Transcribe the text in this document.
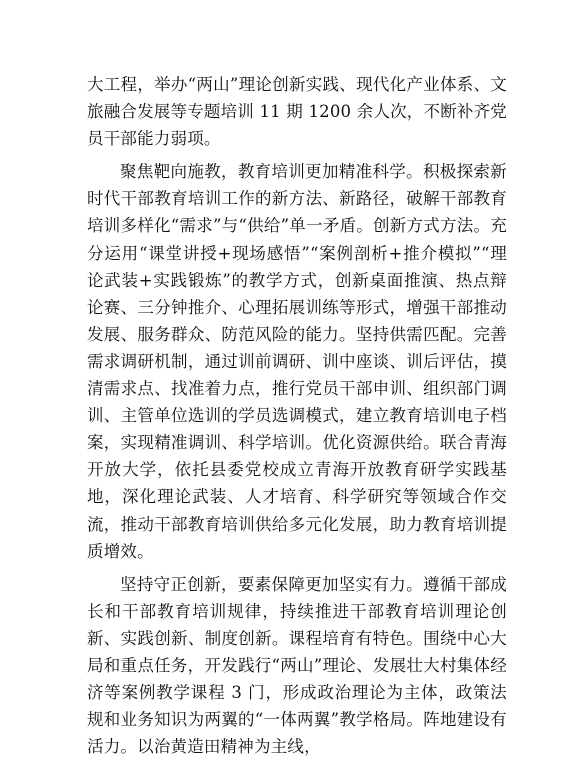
大工程，举办“两山”理论创新实践、现代化产业体系、文旅融合发展等专题培训 11 期 1200 余人次，不断补齐党员干部能力弱项。

聚焦靶向施教，教育培训更加精准科学。积极探索新时代干部教育培训工作的新方法、新路径，破解干部教育培训多样化“需求”与“供给”单一矛盾。创新方式方法。充分运用“课堂讲授+现场感悟”“案例剖析+推介模拟”“理论武装+实践锻炼”的教学方式，创新桌面推演、热点辩论赛、三分钟推介、心理拓展训练等形式，增强干部推动发展、服务群众、防范风险的能力。坚持供需匹配。完善需求调研机制，通过训前调研、训中座谈、训后评估，摸清需求点、找准着力点，推行党员干部申训、组织部门调训、主管单位选训的学员选调模式，建立教育培训电子档案，实现精准调训、科学培训。优化资源供给。联合青海开放大学，依托县委党校成立青海开放教育研学实践基地，深化理论武装、人才培育、科学研究等领域合作交流，推动干部教育培训供给多元化发展，助力教育培训提质增效。

坚持守正创新，要素保障更加坚实有力。遵循干部成长和干部教育培训规律，持续推进干部教育培训理论创新、实践创新、制度创新。课程培育有特色。围绕中心大局和重点任务，开发践行“两山”理论、发展壮大村集体经济等案例教学课程 3 门，形成政治理论为主体，政策法规和业务知识为两翼的“一体两翼”教学格局。阵地建设有活力。以治黄造田精神为主线，
